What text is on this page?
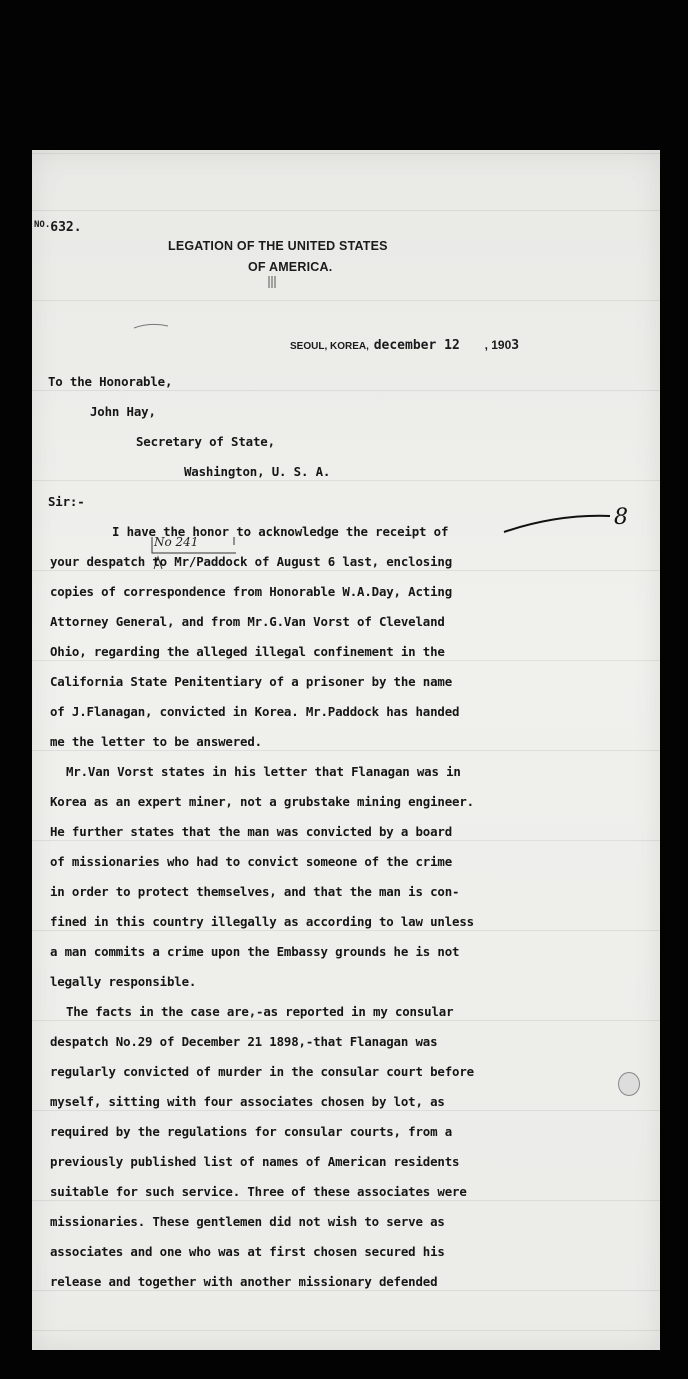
$^{NO.}$632.
LEGATION OF THE UNITED STATES
OF AMERICA.
SEOUL, KOREA, december 12 , 1903
To the Honorable,
John Hay,
Secretary of State,
Washington, U. S. A.
Sir:-
No 241
8
I have the honor to acknowledge the receipt of
your despatch to Mr/Paddock of August 6 last, enclosing
copies of correspondence from Honorable W.A.Day, Acting
Attorney General, and from Mr.G.Van Vorst of Cleveland
Ohio, regarding the alleged illegal confinement in the
California State Penitentiary of a prisoner by the name
of J.Flanagan, convicted in Korea. Mr.Paddock has handed
me the letter to be answered.
Mr.Van Vorst states in his letter that Flanagan was in
Korea as an expert miner, not a grubstake mining engineer.
He further states that the man was convicted by a board
of missionaries who had to convict someone of the crime
in order to protect themselves, and that the man is con-
fined in this country illegally as according to law unless
a man commits a crime upon the Embassy grounds he is not
legally responsible.
The facts in the case are,-as reported in my consular
despatch No.29 of December 21 1898,-that Flanagan was
regularly convicted of murder in the consular court before
myself, sitting with four associates chosen by lot, as
required by the regulations for consular courts, from a
previously published list of names of American residents
suitable for such service. Three of these associates were
missionaries. These gentlemen did not wish to serve as
associates and one who was at first chosen secured his
release and together with another missionary defended
